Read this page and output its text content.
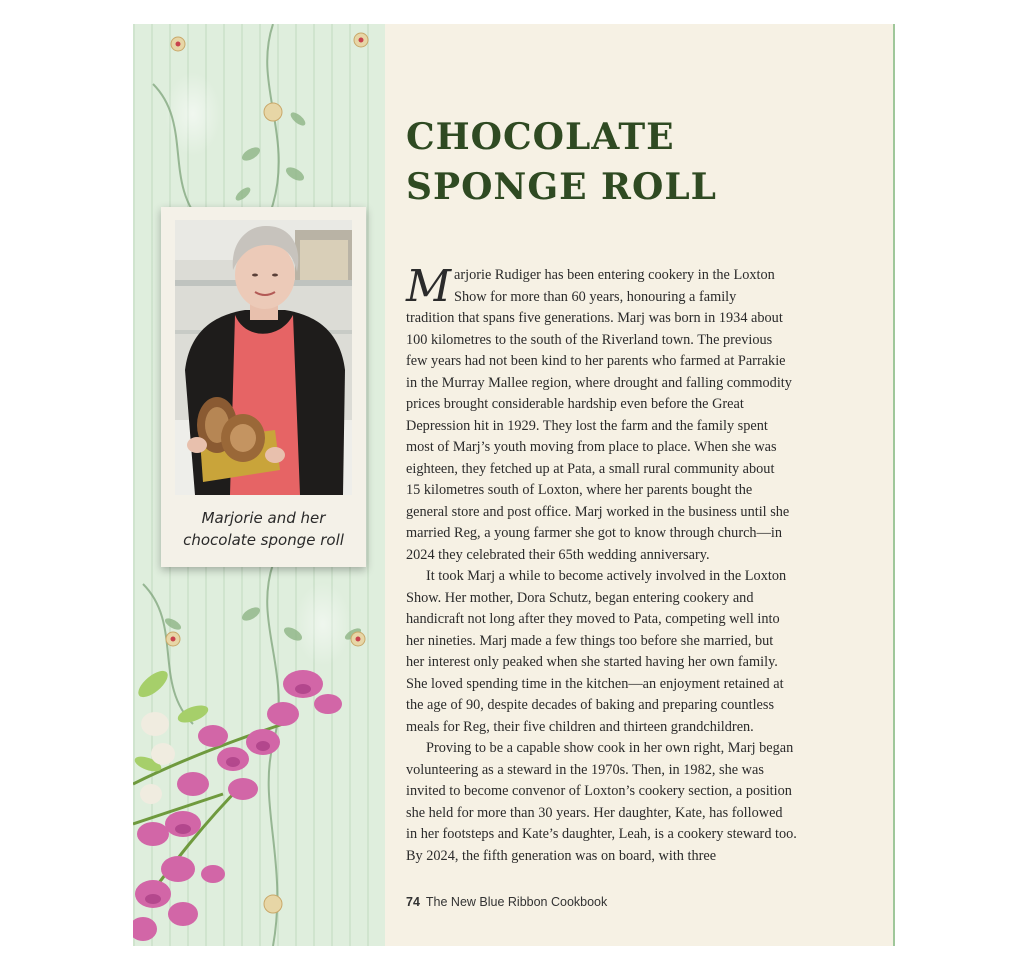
Marjorie and her
chocolate sponge roll
CHOCOLATE
SPONGE ROLL
M arjorie Rudiger has been entering cookery in the Loxton
Show for more than 60 years, honouring a family
tradition that spans five generations. Marj was born in 1934 about
100 kilometres to the south of the Riverland town. The previous
few years had not been kind to her parents who farmed at Parrakie
in the Murray Mallee region, where drought and falling commodity
prices brought considerable hardship even before the Great
Depression hit in 1929. They lost the farm and the family spent
most of Marj’s youth moving from place to place. When she was
eighteen, they fetched up at Pata, a small rural community about
15 kilometres south of Loxton, where her parents bought the
general store and post office. Marj worked in the business until she
married Reg, a young farmer she got to know through church—in
2024 they celebrated their 65th wedding anniversary.
It took Marj a while to become actively involved in the Loxton
Show. Her mother, Dora Schutz, began entering cookery and
handicraft not long after they moved to Pata, competing well into
her nineties. Marj made a few things too before she married, but
her interest only peaked when she started having her own family.
She loved spending time in the kitchen—an enjoyment retained at
the age of 90, despite decades of baking and preparing countless
meals for Reg, their five children and thirteen grandchildren.
Proving to be a capable show cook in her own right, Marj began
volunteering as a steward in the 1970s. Then, in 1982, she was
invited to become convenor of Loxton’s cookery section, a position
she held for more than 30 years. Her daughter, Kate, has followed
in her footsteps and Kate’s daughter, Leah, is a cookery steward too.
By 2024, the fifth generation was on board, with three
74 The New Blue Ribbon Cookbook
